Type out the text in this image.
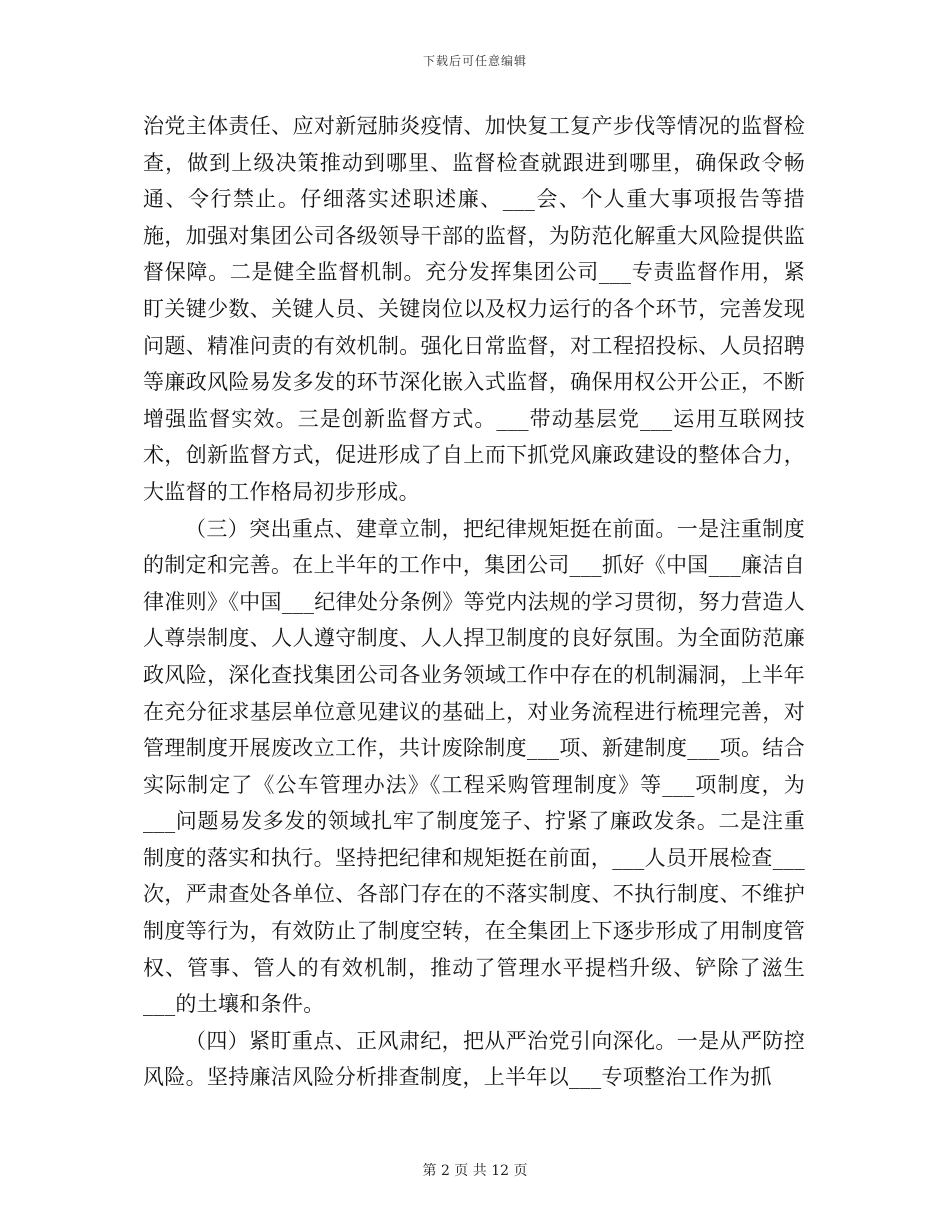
下载后可任意编辑

治党主体责任、应对新冠肺炎疫情、加快复工复产步伐等情况的监督检查，做到上级决策推动到哪里、监督检查就跟进到哪里，确保政令畅通、令行禁止。仔细落实述职述廉、___会、个人重大事项报告等措施，加强对集团公司各级领导干部的监督，为防范化解重大风险提供监督保障。二是健全监督机制。充分发挥集团公司___专责监督作用，紧盯关键少数、关键人员、关键岗位以及权力运行的各个环节，完善发现问题、精准问责的有效机制。强化日常监督，对工程招投标、人员招聘等廉政风险易发多发的环节深化嵌入式监督，确保用权公开公正，不断增强监督实效。三是创新监督方式。___带动基层党___运用互联网技术，创新监督方式，促进形成了自上而下抓党风廉政建设的整体合力，大监督的工作格局初步形成。

（三）突出重点、建章立制，把纪律规矩挺在前面。一是注重制度的制定和完善。在上半年的工作中，集团公司___抓好《中国___廉洁自律准则》《中国___纪律处分条例》等党内法规的学习贯彻，努力营造人人尊崇制度、人人遵守制度、人人捍卫制度的良好氛围。为全面防范廉政风险，深化查找集团公司各业务领域工作中存在的机制漏洞，上半年在充分征求基层单位意见建议的基础上，对业务流程进行梳理完善，对管理制度开展废改立工作，共计废除制度___项、新建制度___项。结合实际制定了《公车管理办法》《工程采购管理制度》等___项制度，为___问题易发多发的领域扎牢了制度笼子、拧紧了廉政发条。二是注重制度的落实和执行。坚持把纪律和规矩挺在前面，___人员开展检查___次，严肃查处各单位、各部门存在的不落实制度、不执行制度、不维护制度等行为，有效防止了制度空转，在全集团上下逐步形成了用制度管权、管事、管人的有效机制，推动了管理水平提档升级、铲除了滋生___的土壤和条件。

（四）紧盯重点、正风肃纪，把从严治党引向深化。一是从严防控风险。坚持廉洁风险分析排查制度，上半年以___专项整治工作为抓

第 2 页 共 12 页
